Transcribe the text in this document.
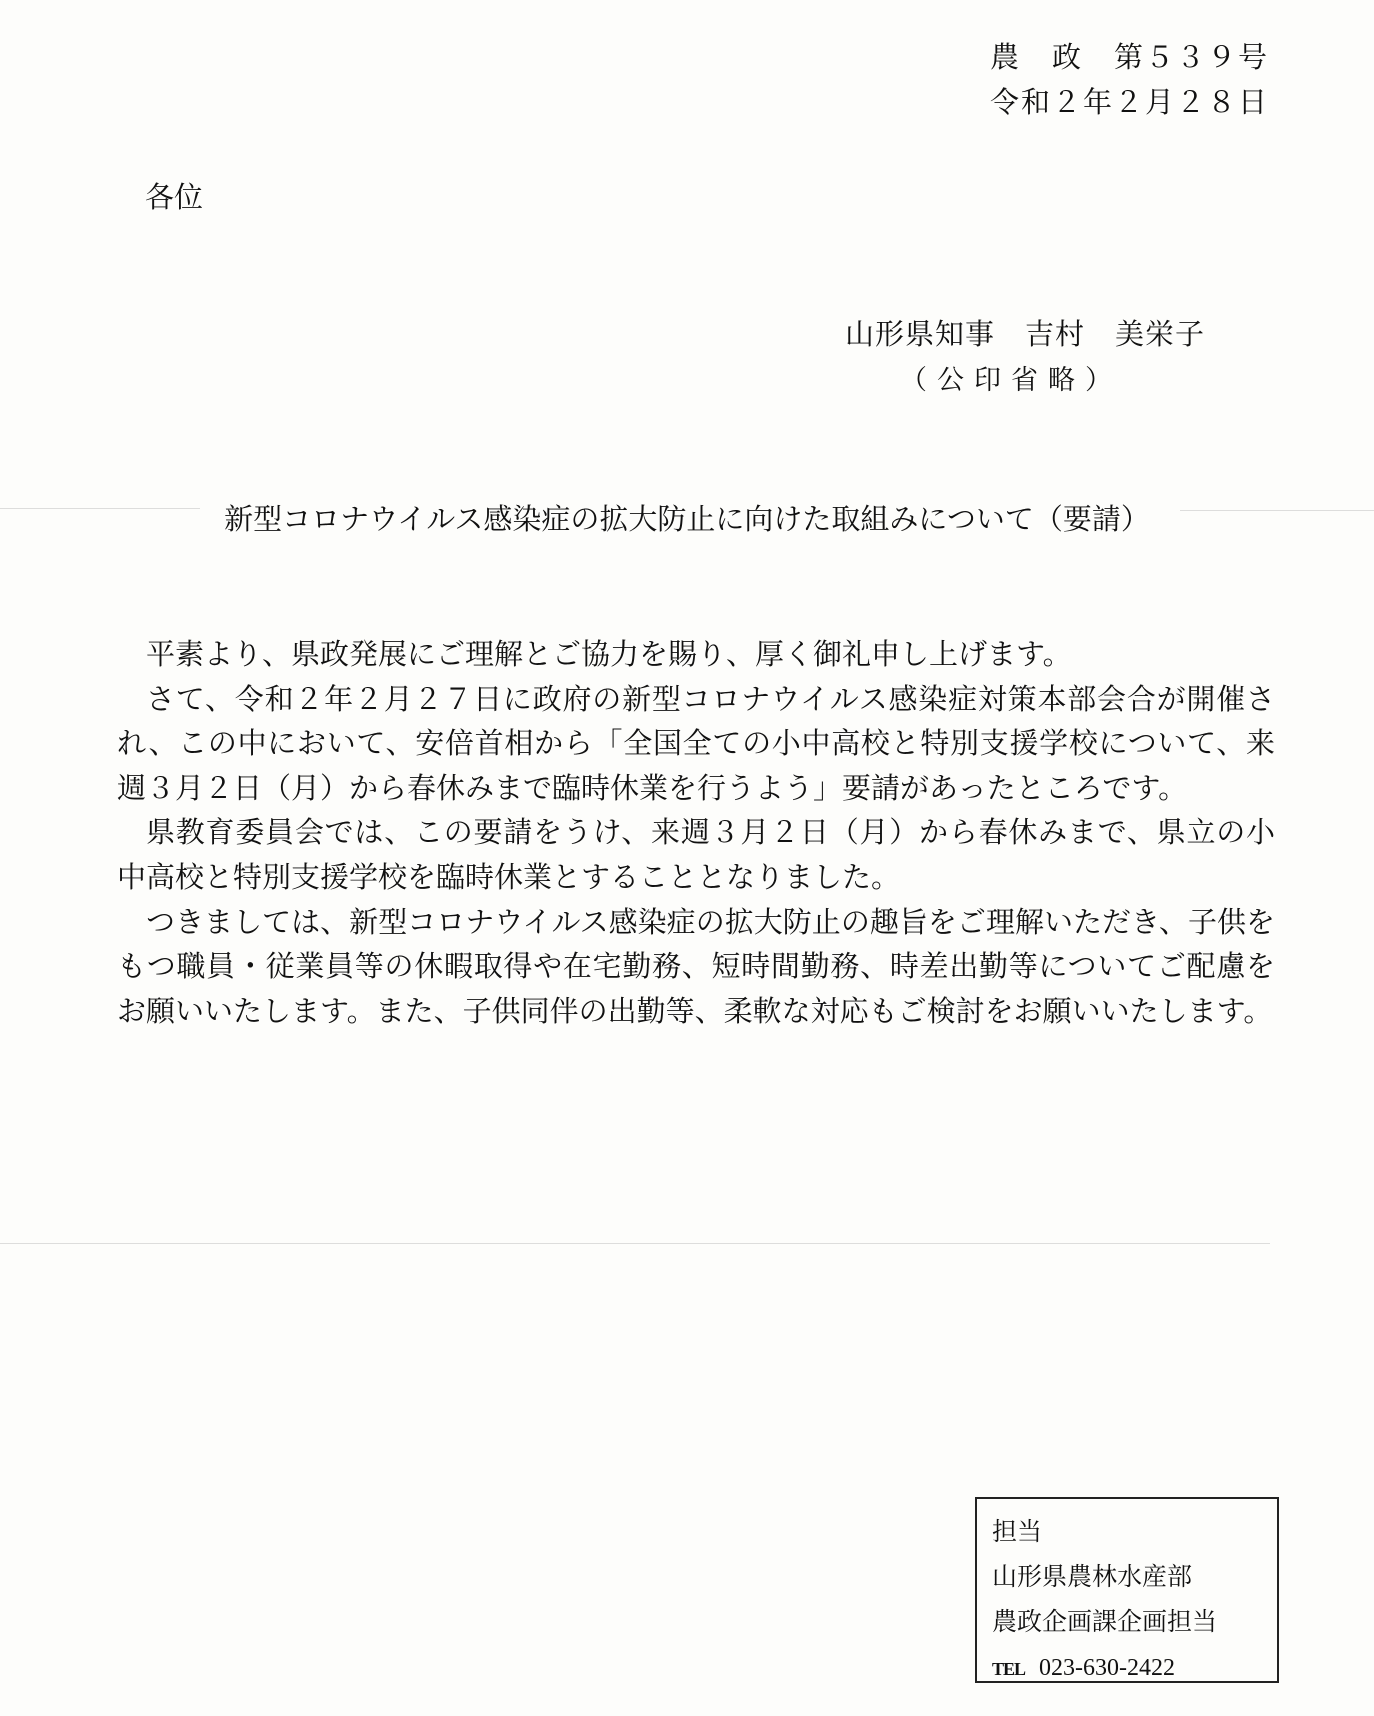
農　政　第５３９号
令和２年２月２８日
各位
山形県知事　吉村　美栄子
（公印省略）
新型コロナウイルス感染症の拡大防止に向けた取組みについて（要請）

平素より、県政発展にご理解とご協力を賜り、厚く御礼申し上げます。

さて、令和２年２月２７日に政府の新型コロナウイルス感染症対策本部会合が開催され、この中において、安倍首相から「全国全ての小中高校と特別支援学校について、来週３月２日（月）から春休みまで臨時休業を行うよう」要請があったところです。

県教育委員会では、この要請をうけ、来週３月２日（月）から春休みまで、県立の小中高校と特別支援学校を臨時休業とすることとなりました。

つきましては、新型コロナウイルス感染症の拡大防止の趣旨をご理解いただき、子供をもつ職員・従業員等の休暇取得や在宅勤務、短時間勤務、時差出勤等についてご配慮をお願いいたします。また、子供同伴の出勤等、柔軟な対応もご検討をお願いいたします。

担当
山形県農林水産部
農政企画課企画担当
TEL 023-630-2422
